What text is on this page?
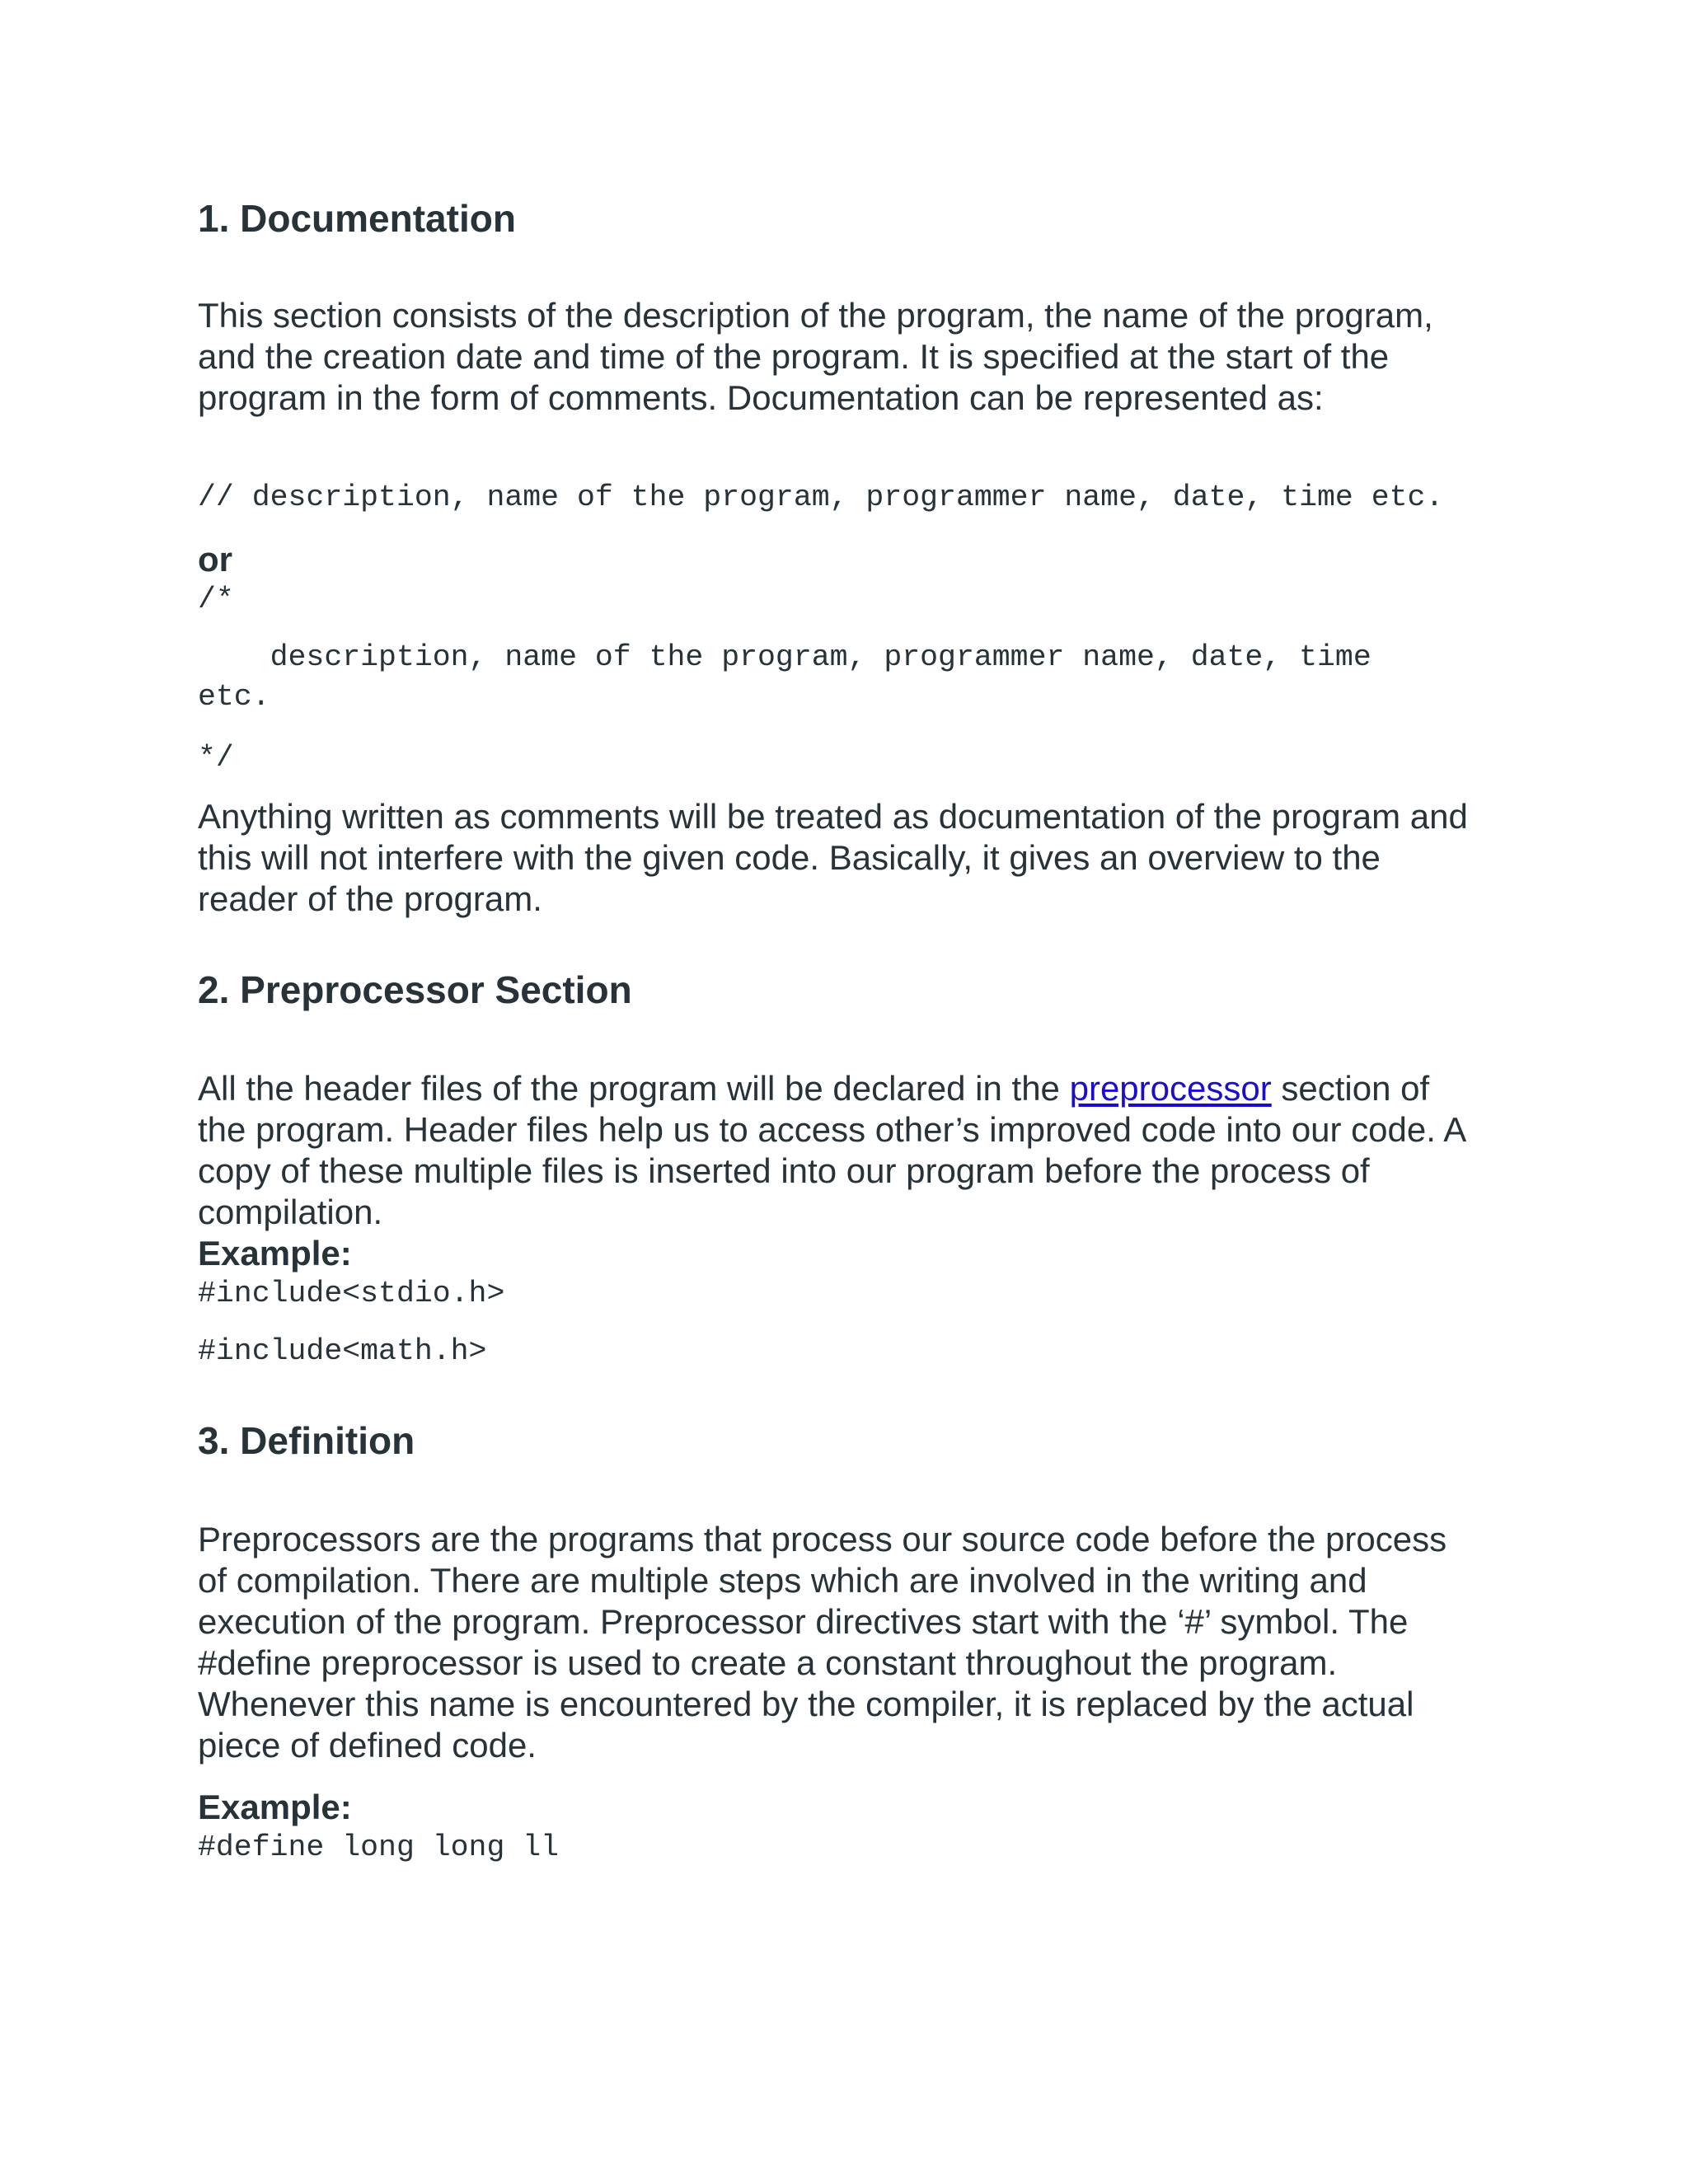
1. Documentation

This section consists of the description of the program, the name of the program, and the creation date and time of the program. It is specified at the start of the program in the form of comments. Documentation can be represented as:

// description, name of the program, programmer name, date, time etc.
or
/*
description, name of the program, programmer name, date, time
etc.
*/

Anything written as comments will be treated as documentation of the program and this will not interfere with the given code. Basically, it gives an overview to the reader of the program.

2. Preprocessor Section

All the header files of the program will be declared in the preprocessor section of the program. Header files help us to access other’s improved code into our code. A copy of these multiple files is inserted into our program before the process of compilation.

Example:
#include<stdio.h>
#include<math.h>
3. Definition

Preprocessors are the programs that process our source code before the process of compilation. There are multiple steps which are involved in the writing and execution of the program. Preprocessor directives start with the ‘#’ symbol. The #define preprocessor is used to create a constant throughout the program. Whenever this name is encountered by the compiler, it is replaced by the actual piece of defined code.

Example:
#define long long ll
